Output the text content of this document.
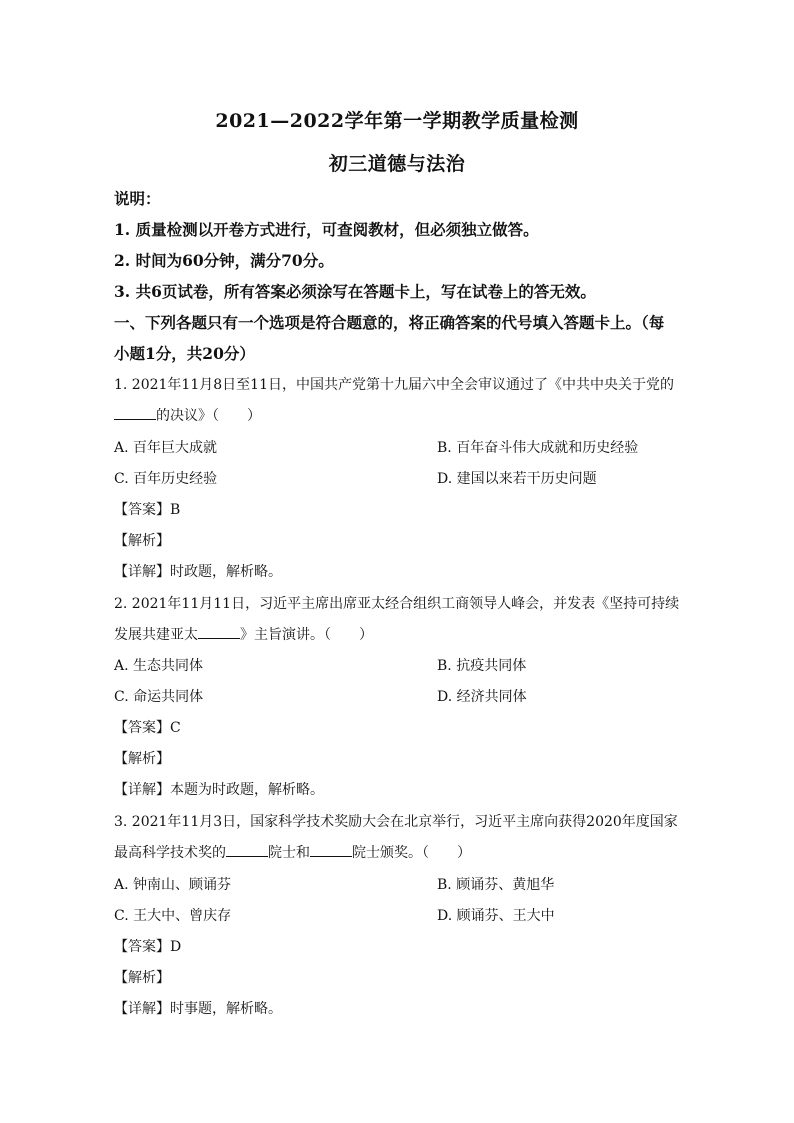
2021—2022学年第一学期教学质量检测
初三道德与法治
说明：
1. 质量检测以开卷方式进行，可查阅教材，但必须独立做答。
2. 时间为60分钟，满分70分。
3. 共6页试卷，所有答案必须涂写在答题卡上，写在试卷上的答无效。
一、下列各题只有一个选项是符合题意的，将正确答案的代号填入答题卡上。（每
小题1分，共20分）
1. 2021年11月8日至11日，中国共产党第十九届六中全会审议通过了《中共中央关于党的
的决议》（　　）
A. 百年巨大成就	B. 百年奋斗伟大成就和历史经验
C. 百年历史经验	D. 建国以来若干历史问题
【答案】B
【解析】
【详解】时政题，解析略。
2. 2021年11月11日，习近平主席出席亚太经合组织工商领导人峰会，并发表《坚持可持续
发展共建亚太	》主旨演讲。（　　）
A. 生态共同体	B. 抗疫共同体
C. 命运共同体	D. 经济共同体
【答案】C
【解析】
【详解】本题为时政题，解析略。
3. 2021年11月3日，国家科学技术奖励大会在北京举行，习近平主席向获得2020年度国家
最高科学技术奖的	院士和	院士颁奖。（　　）
A. 钟南山、顾诵芬	B. 顾诵芬、黄旭华
C. 王大中、曾庆存	D. 顾诵芬、王大中
【答案】D
【解析】
【详解】时事题，解析略。
